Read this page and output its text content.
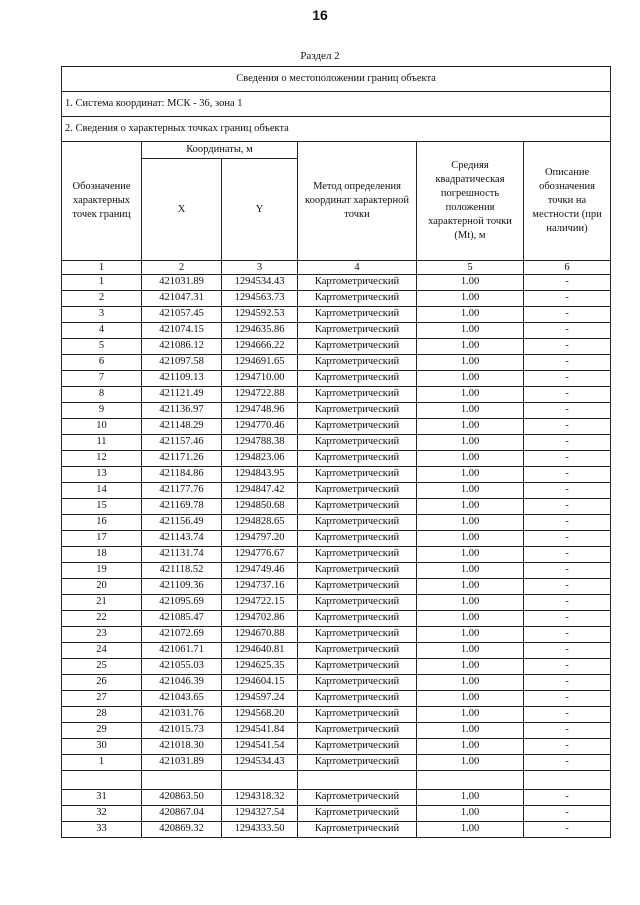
16
Раздел 2
Сведения о местоположении границ объекта					
1. Система координат: МСК - 36, зона 1					
2. Сведения о характерных точках границ объекта					
Обозначение характерных точек границ	Координаты, м		Метод определения координат характерной точки	Средняя квадратическая погрешность положения характерной точки (Mt), м	Описание обозначения точки на местности (при наличии)
	X	Y			
1	2	3	4	5	6
1	421031.89	1294534.43	Картометрический	1.00	-
2	421047.31	1294563.73	Картометрический	1.00	-
3	421057.45	1294592.53	Картометрический	1.00	-
4	421074.15	1294635.86	Картометрический	1.00	-
5	421086.12	1294666.22	Картометрический	1.00	-
6	421097.58	1294691.65	Картометрический	1.00	-
7	421109.13	1294710.00	Картометрический	1.00	-
8	421121.49	1294722.88	Картометрический	1.00	-
9	421136.97	1294748.96	Картометрический	1.00	-
10	421148.29	1294770.46	Картометрический	1.00	-
11	421157.46	1294788.38	Картометрический	1.00	-
12	421171.26	1294823.06	Картометрический	1.00	-
13	421184.86	1294843.95	Картометрический	1.00	-
14	421177.76	1294847.42	Картометрический	1.00	-
15	421169.78	1294850.68	Картометрический	1.00	-
16	421156.49	1294828.65	Картометрический	1.00	-
17	421143.74	1294797.20	Картометрический	1.00	-
18	421131.74	1294776.67	Картометрический	1.00	-
19	421118.52	1294749.46	Картометрический	1.00	-
20	421109.36	1294737.16	Картометрический	1.00	-
21	421095.69	1294722.15	Картометрический	1.00	-
22	421085.47	1294702.86	Картометрический	1.00	-
23	421072.69	1294670.88	Картометрический	1.00	-
24	421061.71	1294640.81	Картометрический	1.00	-
25	421055.03	1294625.35	Картометрический	1.00	-
26	421046.39	1294604.15	Картометрический	1.00	-
27	421043.65	1294597.24	Картометрический	1.00	-
28	421031.76	1294568.20	Картометрический	1.00	-
29	421015.73	1294541.84	Картометрический	1.00	-
30	421018.30	1294541.54	Картометрический	1.00	-
1	421031.89	1294534.43	Картометрический	1.00	-

31	420863.50	1294318.32	Картометрический	1.00	-
32	420867.04	1294327.54	Картометрический	1.00	-
33	420869.32	1294333.50	Картометрический	1.00	-
